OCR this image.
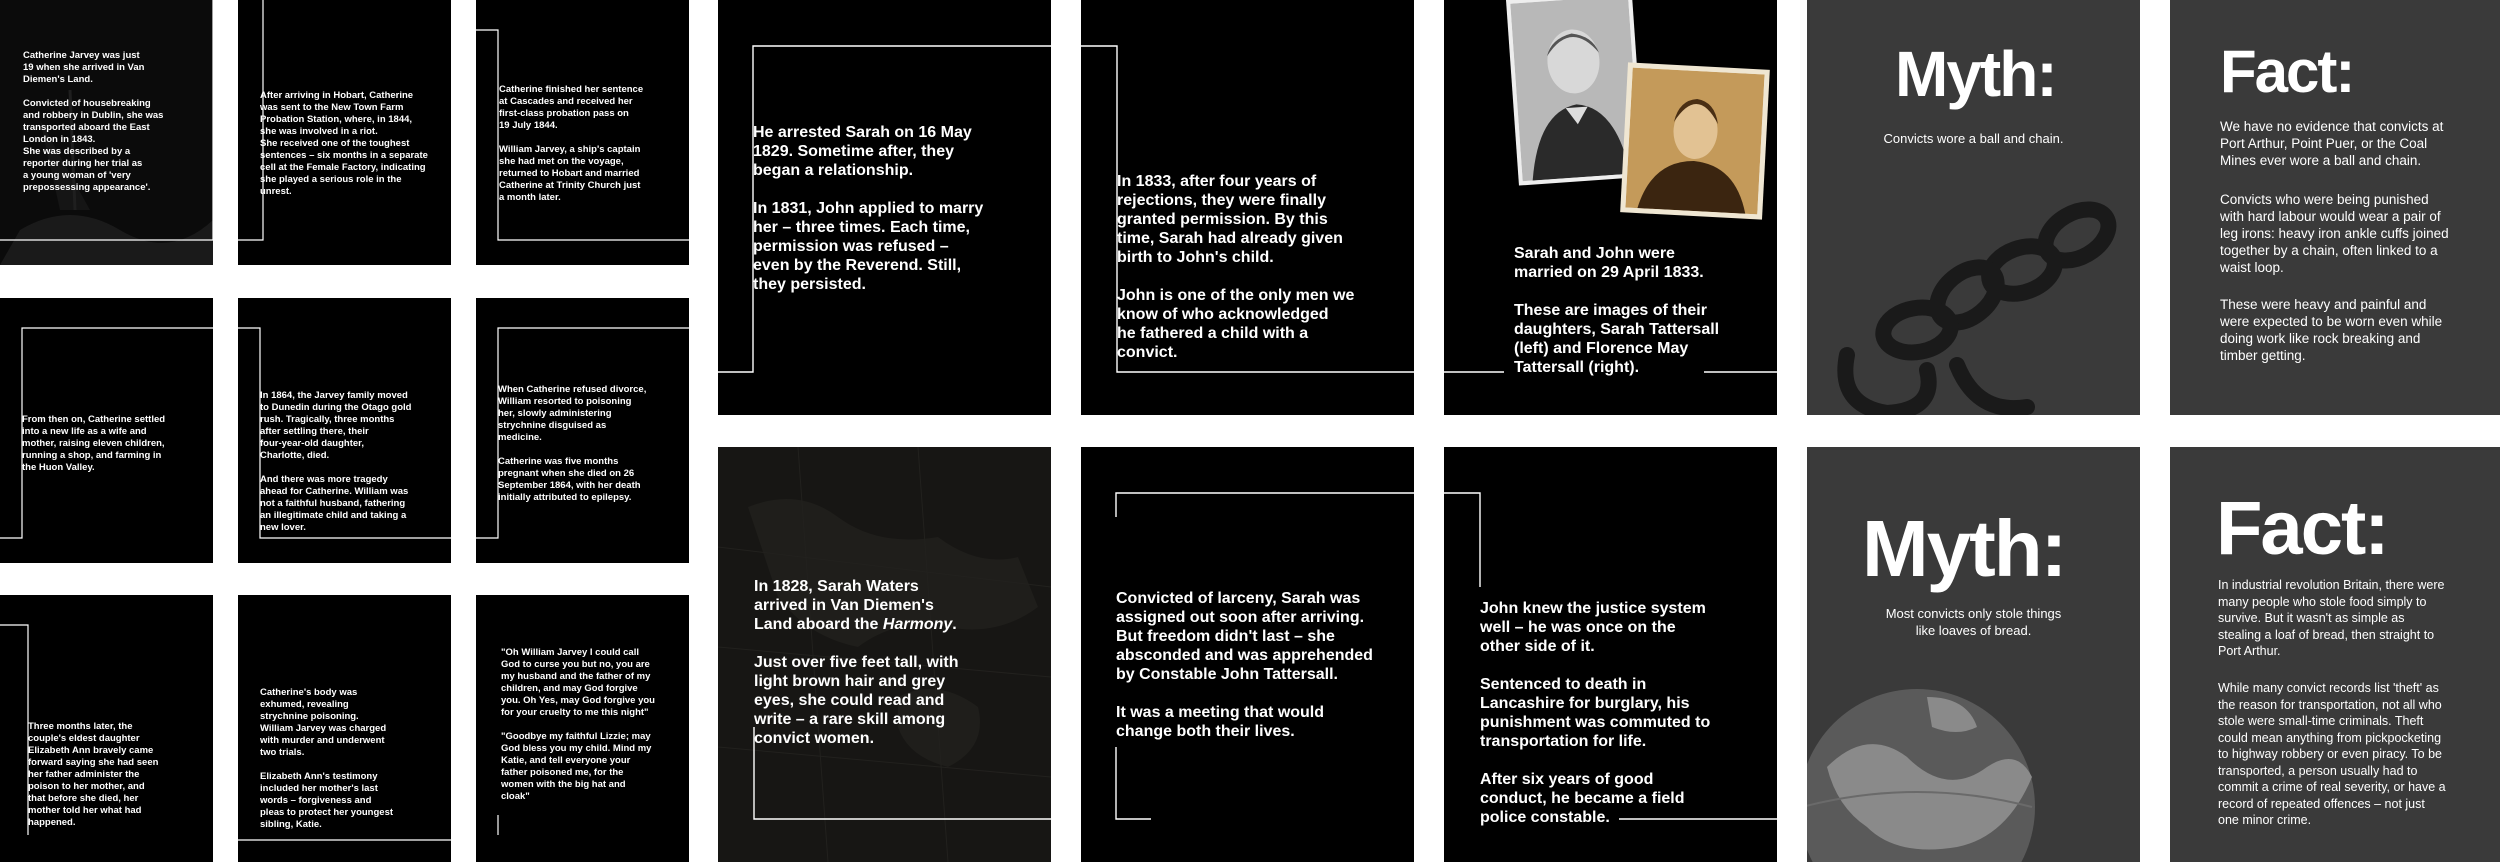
Catherine Jarvey was just
19 when she arrived in Van
Diemen's Land.

Convicted of housebreaking
and robbery in Dublin, she was
transported aboard the East
London in 1843.
She was described by a
reporter during her trial as
a young woman of 'very
prepossessing appearance'.
After arriving in Hobart, Catherine
was sent to the New Town Farm
Probation Station, where, in 1844,
she was involved in a riot.
She received one of the toughest
sentences – six months in a separate
cell at the Female Factory, indicating
she played a serious role in the
unrest.
Catherine finished her sentence
at Cascades and received her
first-class probation pass on
19 July 1844.

William Jarvey, a ship's captain
she had met on the voyage,
returned to Hobart and married
Catherine at Trinity Church just
a month later.
From then on, Catherine settled
into a new life as a wife and
mother, raising eleven children,
running a shop, and farming in
the Huon Valley.
In 1864, the Jarvey family moved
to Dunedin during the Otago gold
rush. Tragically, three months
after settling there, their
four-year-old daughter,
Charlotte, died.

And there was more tragedy
ahead for Catherine. William was
not a faithful husband, fathering
an illegitimate child and taking a
new lover.
When Catherine refused divorce,
William resorted to poisoning
her, slowly administering
strychnine disguised as
medicine.

Catherine was five months
pregnant when she died on 26
September 1864, with her death
initially attributed to epilepsy.
Three months later, the
couple's eldest daughter
Elizabeth Ann bravely came
forward saying she had seen
her father administer the
poison to her mother, and
that before she died, her
mother told her what had
happened.
Catherine's body was
exhumed, revealing
strychnine poisoning.
William Jarvey was charged
with murder and underwent
two trials.

Elizabeth Ann's testimony
included her mother's last
words – forgiveness and
pleas to protect her youngest
sibling, Katie.
"Oh William Jarvey I could call
God to curse you but no, you are
my husband and the father of my
children, and may God forgive
you. Oh Yes, may God forgive you
for your cruelty to me this night"

"Goodbye my faithful Lizzie; may
God bless you my child. Mind my
Katie, and tell everyone your
father poisoned me, for the
women with the big hat and
cloak"
He arrested Sarah on 16 May
1829. Sometime after, they
began a relationship.

In 1831, John applied to marry
her – three times. Each time,
permission was refused –
even by the Reverend. Still,
they persisted.
In 1833, after four years of
rejections, they were finally
granted permission. By this
time, Sarah had already given
birth to John's child.

John is one of the only men we
know of who acknowledged
he fathered a child with a
convict.
Sarah and John were
married on 29 April 1833.

These are images of their
daughters, Sarah Tattersall
(left) and Florence May
Tattersall (right).
In 1828, Sarah Waters
arrived in Van Diemen's
Land aboard the Harmony.

Just over five feet tall, with
light brown hair and grey
eyes, she could read and
write – a rare skill among
convict women.
Convicted of larceny, Sarah was
assigned out soon after arriving.
But freedom didn't last – she
absconded and was apprehended
by Constable John Tattersall.

It was a meeting that would
change both their lives.
John knew the justice system
well – he was once on the
other side of it.

Sentenced to death in
Lancashire for burglary, his
punishment was commuted to
transportation for life.

After six years of good
conduct, he became a field
police constable.
Myth:
Convicts wore a ball and chain.
Fact:
We have no evidence that convicts at
Port Arthur, Point Puer, or the Coal
Mines ever wore a ball and chain.
Convicts who were being punished
with hard labour would wear a pair of
leg irons: heavy iron ankle cuffs joined
together by a chain, often linked to a
waist loop.
These were heavy and painful and
were expected to be worn even while
doing work like rock breaking and
timber getting.
Myth:
Most convicts only stole things
like loaves of bread.
Fact:
In industrial revolution Britain, there were
many people who stole food simply to
survive. But it wasn't as simple as
stealing a loaf of bread, then straight to
Port Arthur.
While many convict records list 'theft' as
the reason for transportation, not all who
stole were small-time criminals. Theft
could mean anything from pickpocketing
to highway robbery or even piracy. To be
transported, a person usually had to
commit a crime of real severity, or have a
record of repeated offences – not just
one minor crime.
